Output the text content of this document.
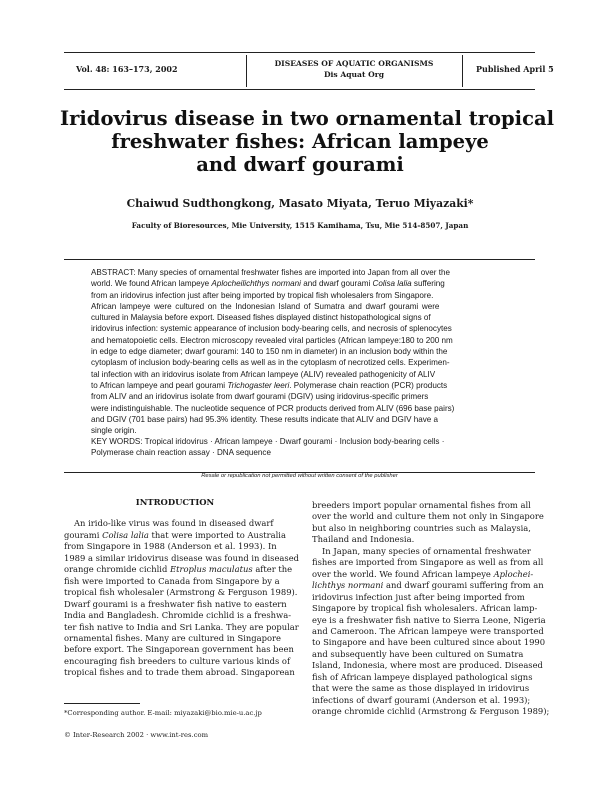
Vol. 48: 163–173, 2002
DISEASES OF AQUATIC ORGANISMS
Dis Aquat Org
Published April 5
Iridovirus disease in two ornamental tropical
freshwater fishes: African lampeye
and dwarf gourami
Chaiwud Sudthongkong, Masato Miyata, Teruo Miyazaki*
Faculty of Bioresources, Mie University, 1515 Kamihama, Tsu, Mie 514-8507, Japan
ABSTRACT: Many species of ornamental freshwater fishes are imported into Japan from all over the
world. We found African lampeye Aplocheilichthys normani and dwarf gourami Colisa lalia suffering
from an iridovirus infection just after being imported by tropical fish wholesalers from Singapore.
African lampeye were cultured on the Indonesian Island of Sumatra and dwarf gourami were
cultured in Malaysia before export. Diseased fishes displayed distinct histopathological signs of
iridovirus infection: systemic appearance of inclusion body-bearing cells, and necrosis of splenocytes
and hematopoietic cells. Electron microscopy revealed viral particles (African lampeye:180 to 200 nm
in edge to edge diameter; dwarf gourami: 140 to 150 nm in diameter) in an inclusion body within the
cytoplasm of inclusion body-bearing cells as well as in the cytoplasm of necrotized cells. Experimen-
tal infection with an iridovirus isolate from African lampeye (ALIV) revealed pathogenicity of ALIV
to African lampeye and pearl gourami Trichogaster leeri. Polymerase chain reaction (PCR) products
from ALIV and an iridovirus isolate from dwarf gourami (DGIV) using iridovirus-specific primers
were indistinguishable. The nucleotide sequence of PCR products derived from ALIV (696 base pairs)
and DGIV (701 base pairs) had 95.3% identity. These results indicate that ALIV and DGIV have a
single origin.
KEY WORDS: Tropical iridovirus · African lampeye · Dwarf gourami · Inclusion body-bearing cells ·
Polymerase chain reaction assay · DNA sequence
Resale or republication not permitted without written consent of the publisher
INTRODUCTION
An irido-like virus was found in diseased dwarf
gourami Colisa lalia that were imported to Australia
from Singapore in 1988 (Anderson et al. 1993). In
1989 a similar iridovirus disease was found in diseased
orange chromide cichlid Etroplus maculatus after the
fish were imported to Canada from Singapore by a
tropical fish wholesaler (Armstrong & Ferguson 1989).
Dwarf gourami is a freshwater fish native to eastern
India and Bangladesh. Chromide cichlid is a freshwa-
ter fish native to India and Sri Lanka. They are popular
ornamental fishes. Many are cultured in Singapore
before export. The Singaporean government has been
encouraging fish breeders to culture various kinds of
tropical fishes and to trade them abroad. Singaporean
breeders import popular ornamental fishes from all
over the world and culture them not only in Singapore
but also in neighboring countries such as Malaysia,
Thailand and Indonesia.
In Japan, many species of ornamental freshwater
fishes are imported from Singapore as well as from all
over the world. We found African lampeye Aplochei-
lichthys normani and dwarf gourami suffering from an
iridovirus infection just after being imported from
Singapore by tropical fish wholesalers. African lamp-
eye is a freshwater fish native to Sierra Leone, Nigeria
and Cameroon. The African lampeye were transported
to Singapore and have been cultured since about 1990
and subsequently have been cultured on Sumatra
Island, Indonesia, where most are produced. Diseased
fish of African lampeye displayed pathological signs
that were the same as those displayed in iridovirus
infections of dwarf gourami (Anderson et al. 1993);
orange chromide cichlid (Armstrong & Ferguson 1989);
*Corresponding author. E-mail: miyazaki@bio.mie-u.ac.jp
© Inter-Research 2002 · www.int-res.com
